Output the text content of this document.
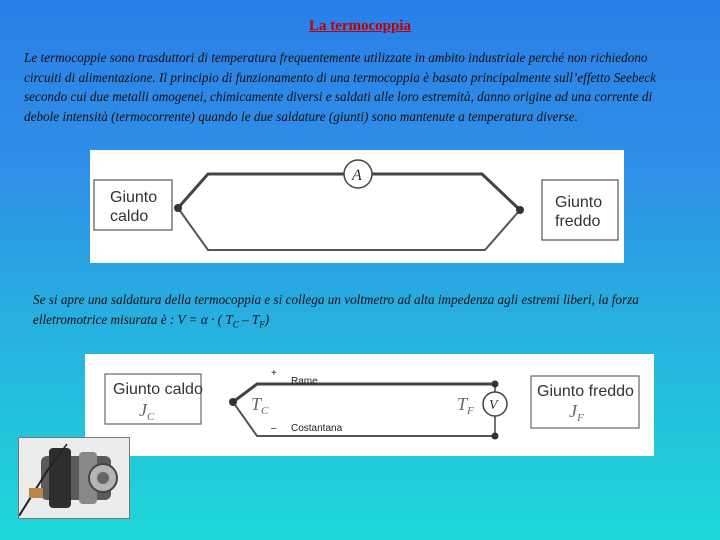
La termocoppia
Le termocoppie sono trasduttori di temperatura frequentemente utilizzate in ambito industriale perché non richiedono circuiti di alimentazione. Il principio di funzionamento di una termocoppia è basato principalmente sull’effetto Seebeck secondo cui due metalli omogenei, chimicamente diversi e saldati alle loro estremità, danno origine ad una corrente di debole intensità (termocorrente) quando le due saldature (giunti) sono mantenute a temperatura diverse.
Giunto
caldo
Giunto
freddo
A
Se si apre una saldatura della termocoppia e si collega un voltmetro ad alta impedenza agli estremi liberi, la forza elletromotrice misurata è : V = α · ( $T_C - T_F$)
Giunto caldo
$J_C$
Giunto freddo
$J_F$
V
+
Rame
– Costantana
$T_C$	$T_F$
